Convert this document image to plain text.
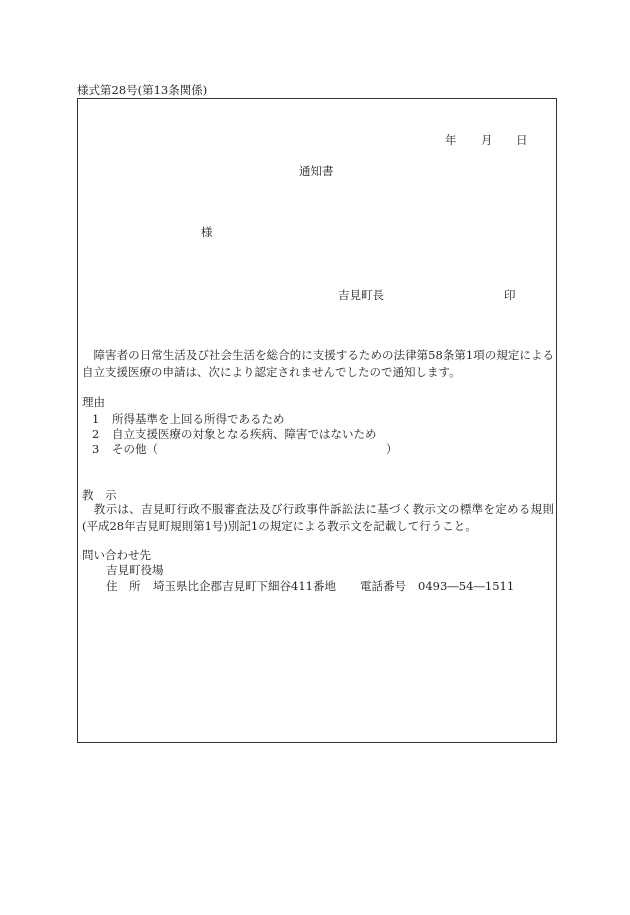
様式第28号(第13条関係)
年 月 日
通知書
様
吉見町長	印
　障害者の日常生活及び社会生活を総合的に支援するための法律第58条第1項の規定による自立支援医療の申請は、次により認定されませんでしたので通知します。
理由
1 所得基準を上回る所得であるため
2 自立支援医療の対象となる疾病、障害ではないため
3 その他（	）
教　示
　教示は、吉見町行政不服審査法及び行政事件訴訟法に基づく教示文の標準を定める規則(平成28年吉見町規則第1号)別記1の規定による教示文を記載して行うこと。
問い合わせ先
吉見町役場
住　所 埼玉県比企郡吉見町下細谷411番地 電話番号 0493―54―1511
